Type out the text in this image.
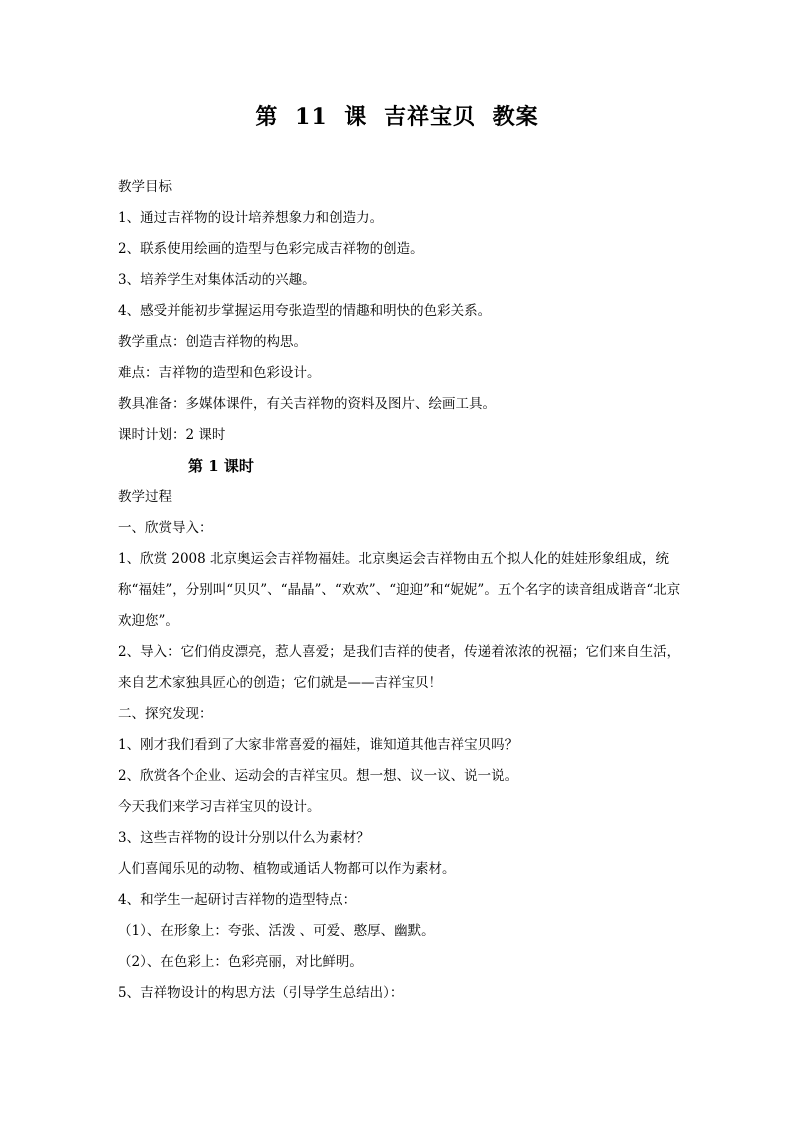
第 11 课 吉祥宝贝 教案

教学目标

1、通过吉祥物的设计培养想象力和创造力。

2、联系使用绘画的造型与色彩完成吉祥物的创造。

3、培养学生对集体活动的兴趣。

4、感受并能初步掌握运用夸张造型的情趣和明快的色彩关系。

教学重点：创造吉祥物的构思。

难点：吉祥物的造型和色彩设计。

教具准备：多媒体课件，有关吉祥物的资料及图片、绘画工具。

课时计划：2 课时

第 1 课时

教学过程

一、欣赏导入：

1、欣赏 2008 北京奥运会吉祥物福娃。北京奥运会吉祥物由五个拟人化的娃娃形象组成，统称“福娃”，分别叫“贝贝”、“晶晶”、“欢欢”、“迎迎”和“妮妮”。五个名字的读音组成谐音“北京欢迎您”。

2、导入：它们俏皮漂亮，惹人喜爱；是我们吉祥的使者，传递着浓浓的祝福；它们来自生活，来自艺术家独具匠心的创造；它们就是——吉祥宝贝！

二、探究发现：

1、刚才我们看到了大家非常喜爱的福娃，谁知道其他吉祥宝贝吗？

2、欣赏各个企业、运动会的吉祥宝贝。想一想、议一议、说一说。

今天我们来学习吉祥宝贝的设计。

3、这些吉祥物的设计分别以什么为素材？

人们喜闻乐见的动物、植物或通话人物都可以作为素材。

4、和学生一起研讨吉祥物的造型特点：

（1）、在形象上：夸张、活泼 、可爱、憨厚、幽默。

（2）、在色彩上：色彩亮丽，对比鲜明。

5、吉祥物设计的构思方法（引导学生总结出）：
